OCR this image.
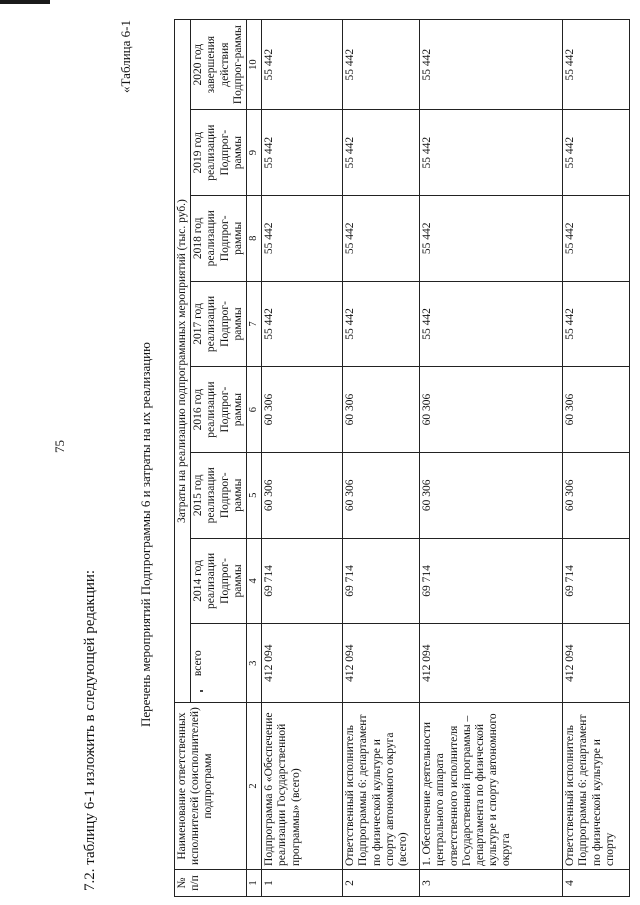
75
7.2. таблицу 6-1 изложить в следующей редакции:
«Таблица 6-1
Перечень мероприятий Подпрограммы 6 и затраты на их реализацию
№ п/п	Наименование ответственных исполнителей (соисполнителей) подпрограмм	Затраты на реализацию подпрограммных мероприятий (тыс. руб.)							
		всего	2014 год реализации Подпрог-раммы	2015 год реализации Подпрог-раммы	2016 год реализации Подпрог-раммы	2017 год реализации Подпрог-раммы	2018 год реализации Подпрог-раммы	2019 год реализации Подпрог-раммы	2020 год завершения действия Подпрог-раммы
1	2	3	4	5	6	7	8	9	10
1	Подпрограмма 6 «Обеспечение реализации Государственной программы» (всего)	412 094	69 714	60 306	60 306	55 442	55 442	55 442	55 442
2	Ответственный исполнитель Подпрограммы 6: департамент по физической культуре и спорту автономного округа (всего)	412 094	69 714	60 306	60 306	55 442	55 442	55 442	55 442
3	1. Обеспечение деятельности центрального аппарата ответственного исполнителя Государственной программы – департамента по физической культуре и спорту автономного округа	412 094	69 714	60 306	60 306	55 442	55 442	55 442	55 442
4	Ответственный исполнитель Подпрограммы 6: департамент по физической культуре и спорту	412 094	69 714	60 306	60 306	55 442	55 442	55 442	55 442
